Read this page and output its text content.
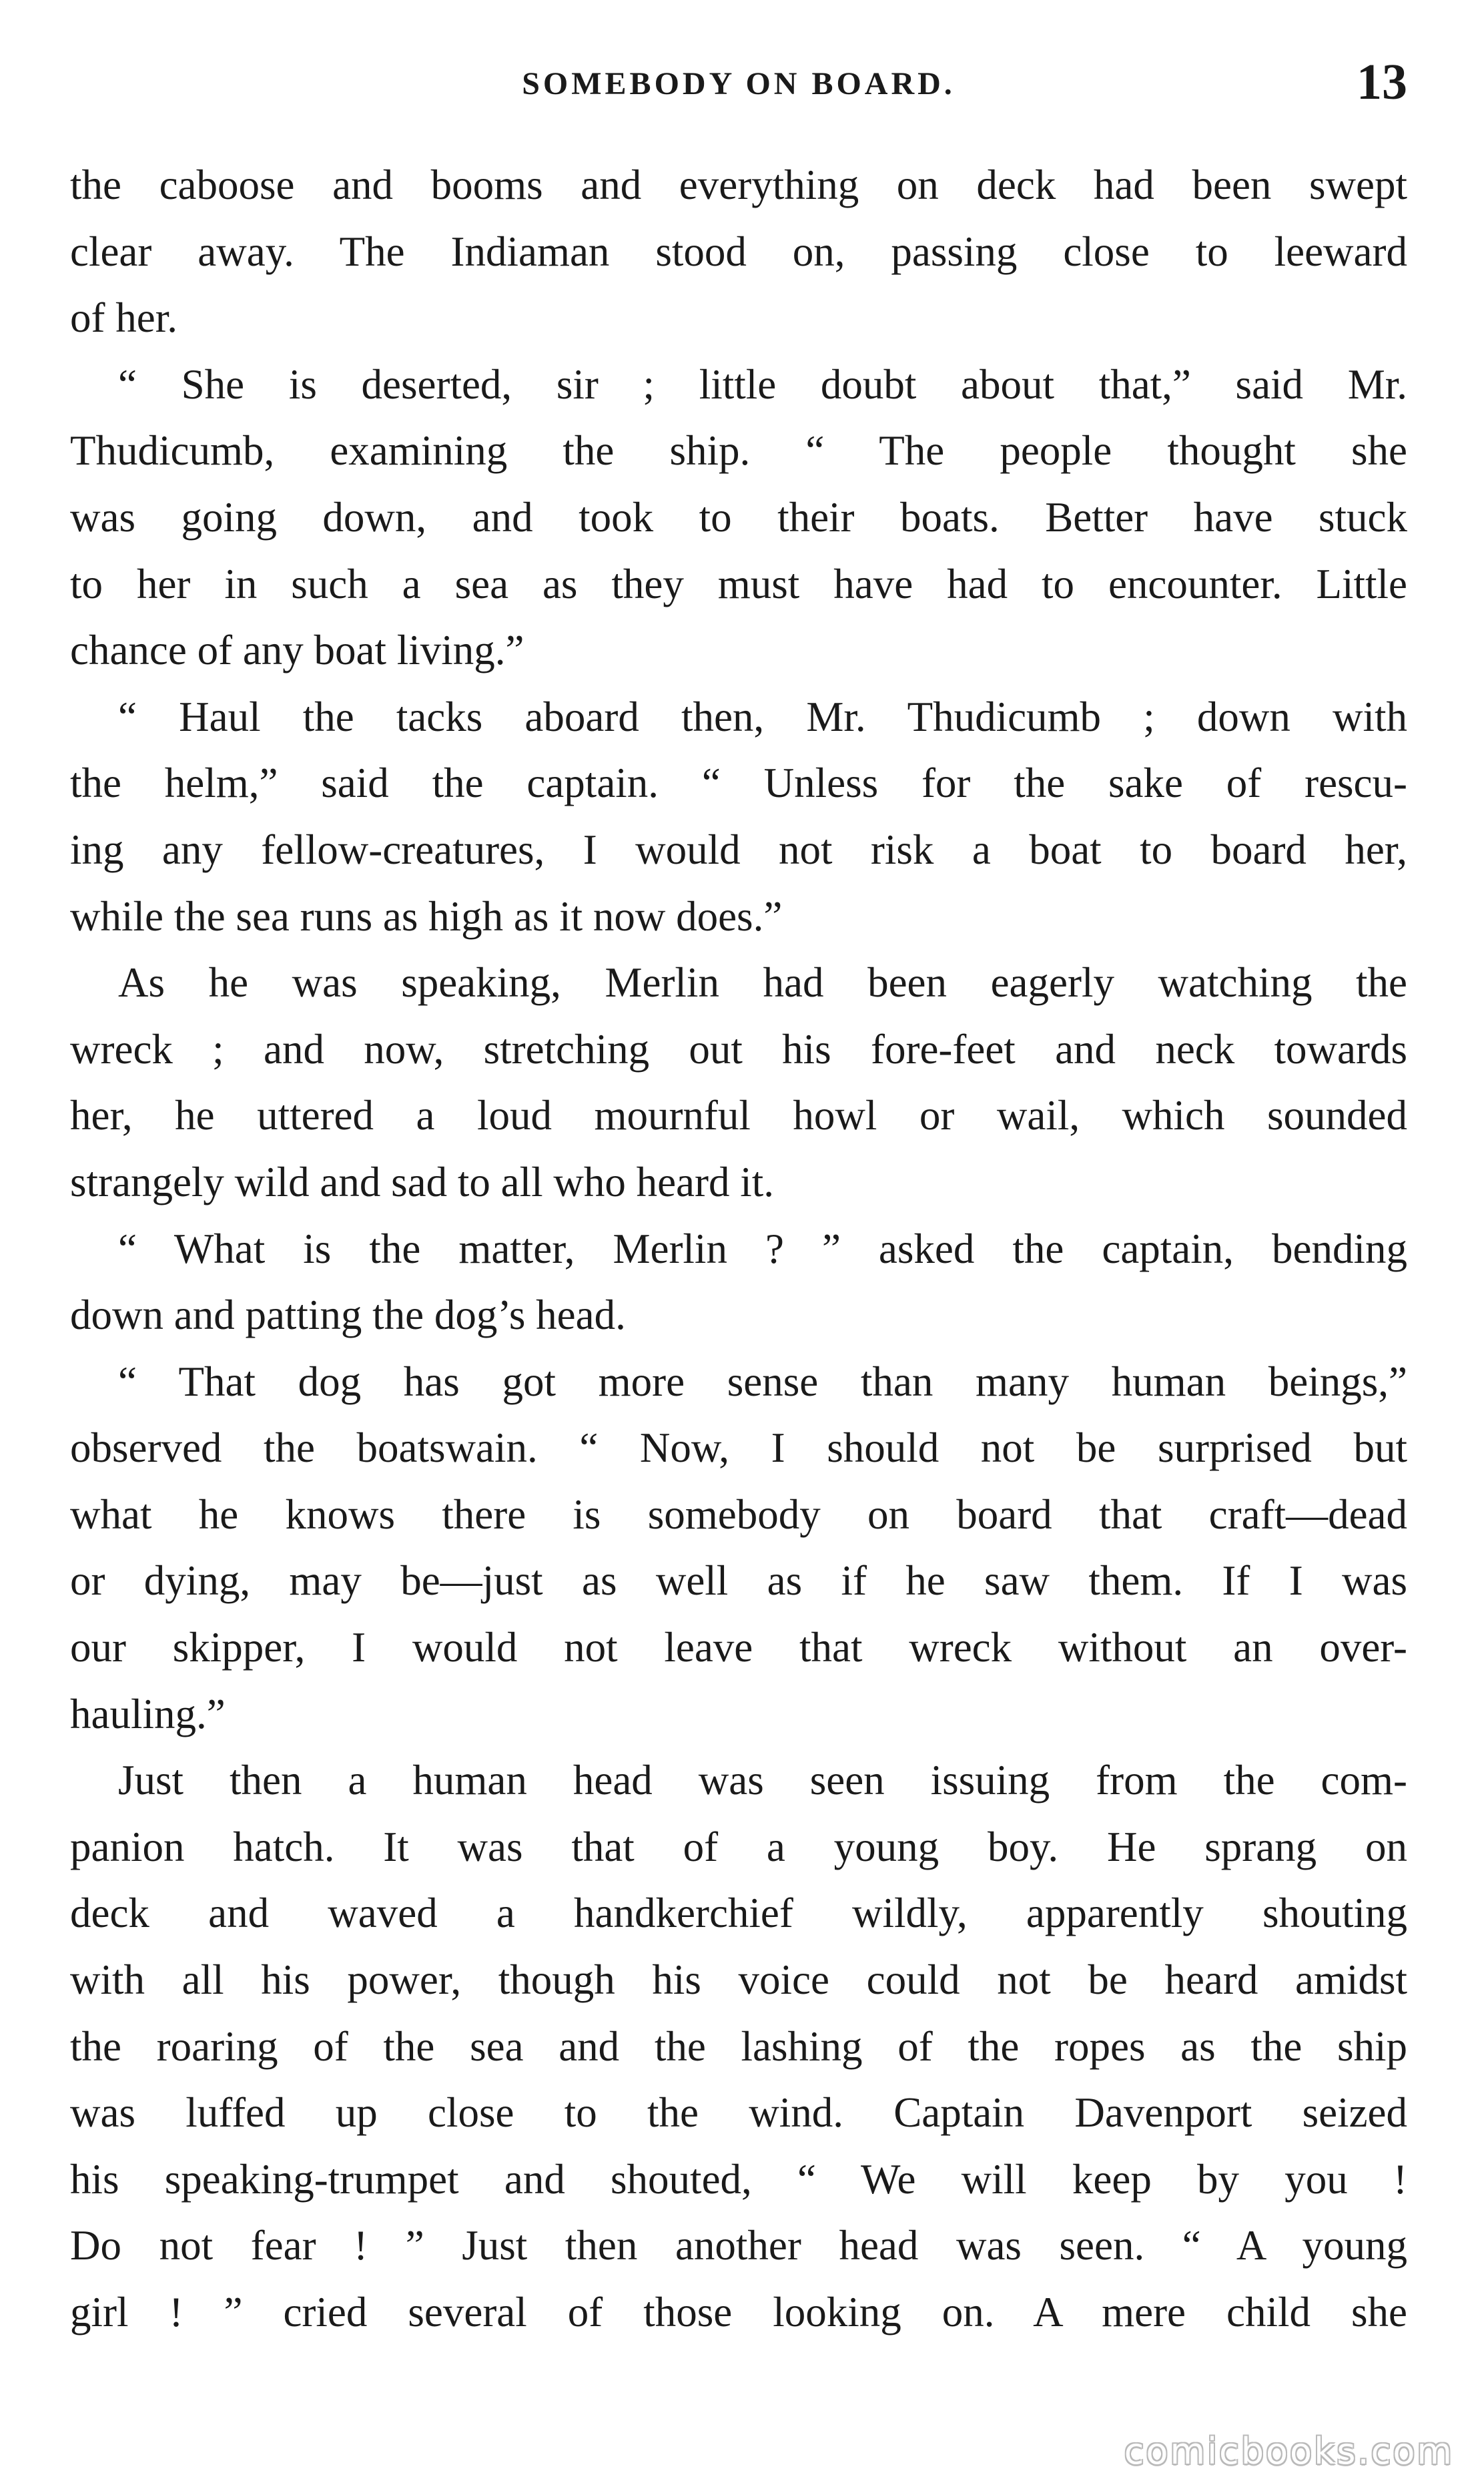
SOMEBODY ON BOARD.	13

the caboose and booms and everything on deck had been swept

clear away. The Indiaman stood on, passing close to leeward

of her.

“ She is deserted, sir ; little doubt about that,” said Mr.

Thudicumb, examining the ship. “ The people thought she

was going down, and took to their boats. Better have stuck

to her in such a sea as they must have had to encounter. Little

chance of any boat living.”

“ Haul the tacks aboard then, Mr. Thudicumb ; down with

the helm,” said the captain. “ Unless for the sake of rescu-

ing any fellow-creatures, I would not risk a boat to board her,

while the sea runs as high as it now does.”

As he was speaking, Merlin had been eagerly watching the

wreck ; and now, stretching out his fore-feet and neck towards

her, he uttered a loud mournful howl or wail, which sounded

strangely wild and sad to all who heard it.

“ What is the matter, Merlin ? ” asked the captain, bending

down and patting the dog’s head.

“ That dog has got more sense than many human beings,”

observed the boatswain. “ Now, I should not be surprised but

what he knows there is somebody on board that craft—dead

or dying, may be—just as well as if he saw them. If I was

our skipper, I would not leave that wreck without an over-

hauling.”

Just then a human head was seen issuing from the com-

panion hatch. It was that of a young boy. He sprang on

deck and waved a handkerchief wildly, apparently shouting

with all his power, though his voice could not be heard amidst

the roaring of the sea and the lashing of the ropes as the ship

was luffed up close to the wind. Captain Davenport seized

his speaking-trumpet and shouted, “ We will keep by you !

Do not fear ! ” Just then another head was seen. “ A young

girl ! ” cried several of those looking on. A mere child she

comicbooks.com
